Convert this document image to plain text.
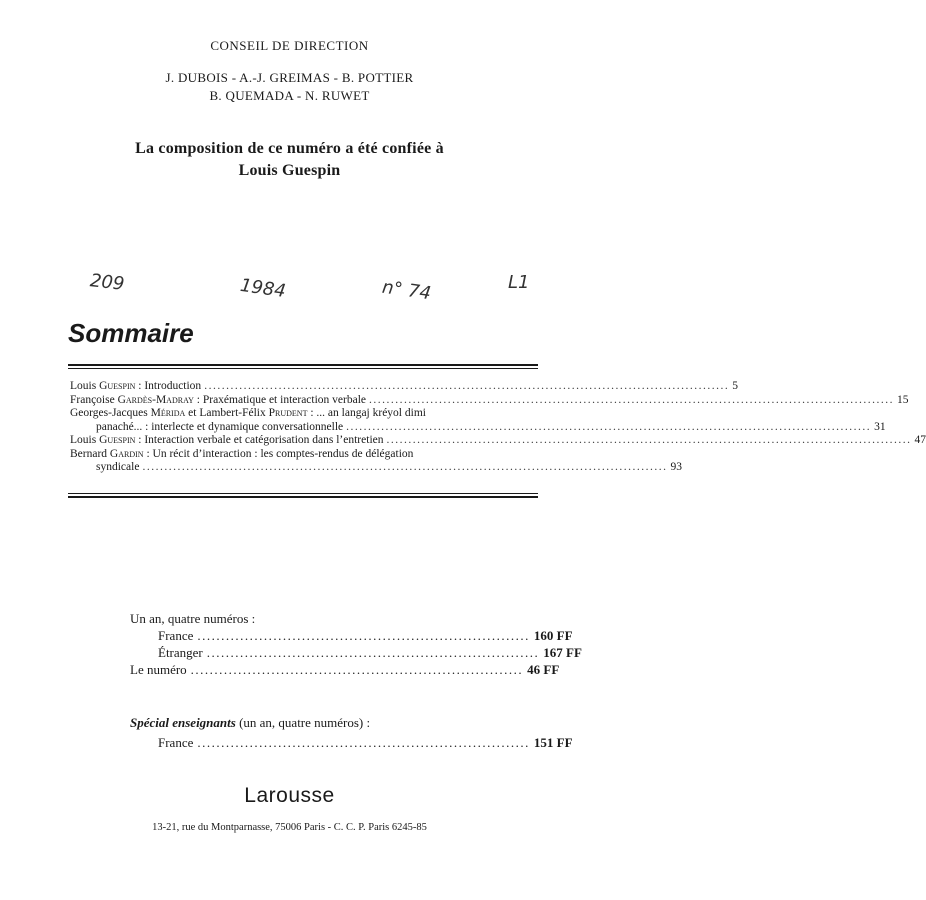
CONSEIL DE DIRECTION
J. DUBOIS - A.-J. GREIMAS - B. POTTIER
B. QUEMADA - N. RUWET
La composition de ce numéro a été confiée à
Louis Guespin
209	1984	n° 74	L1
Sommaire
Louis Guespin : Introduction ........................................................................................................................ 5
Françoise Gardès-Madray : Praxématique et interaction verbale ........................................................................................................................ 15
Georges-Jacques Mérida et Lambert-Félix Prudent : ... an langaj kréyol dimi
panaché... : interlecte et dynamique conversationnelle ........................................................................................................................ 31
Louis Guespin : Interaction verbale et catégorisation dans l’entretien ........................................................................................................................ 47
Bernard Gardin : Un récit d’interaction : les comptes-rendus de délégation
syndicale ........................................................................................................................ 93
Un an, quatre numéros :
France ...................................................................... 160 FF
Étranger ...................................................................... 167 FF
Le numéro ...................................................................... 46 FF
Spécial enseignants (un an, quatre numéros) :
France ...................................................................... 151 FF
Larousse
13-21, rue du Montparnasse, 75006 Paris - C. C. P. Paris 6245-85
